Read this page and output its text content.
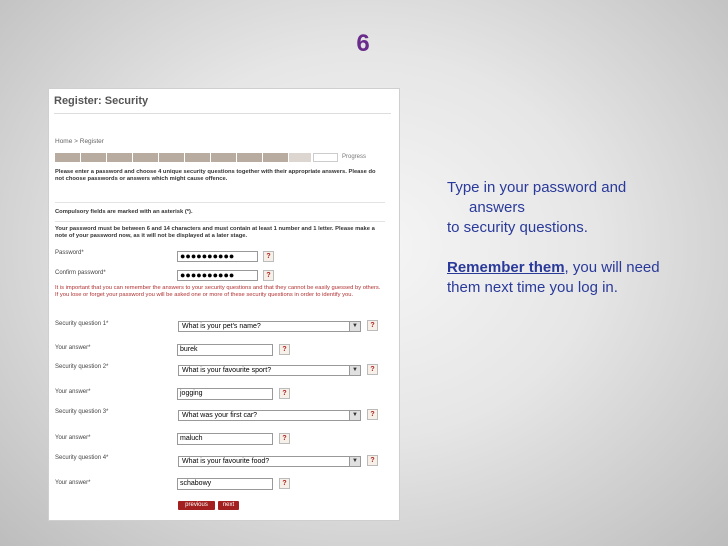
6
Register: Security
Home > Register
Progress
Please enter a password and choose 4 unique security questions together with their appropriate answers. Please do not choose passwords or answers which might cause offence.
Compulsory fields are marked with an asterisk (*).
Your password must be between 6 and 14 characters and must contain at least 1 number and 1 letter. Please make a note of your password now, as it will not be displayed at a later stage.
Password*	●●●●●●●●●●	?
Confirm password*	●●●●●●●●●●	?
It is important that you can remember the answers to your security questions and that they cannot be easily guessed by others. If you lose or forget your password you will be asked one or more of these security questions in order to identify you.
Security question 1*	What is your pet's name?	▼	?
Your answer*	burek	?
Security question 2*	What is your favourite sport?	▼	?
Your answer*	jogging	?
Security question 3*	What was your first car?	▼	?
Your answer*	maluch	?
Security question 4*	What is your favourite food?	▼	?
Your answer*	schabowy	?
previous	next
Type in your password and
answers
to security questions.
Remember them, you will need
them next time you log in.
